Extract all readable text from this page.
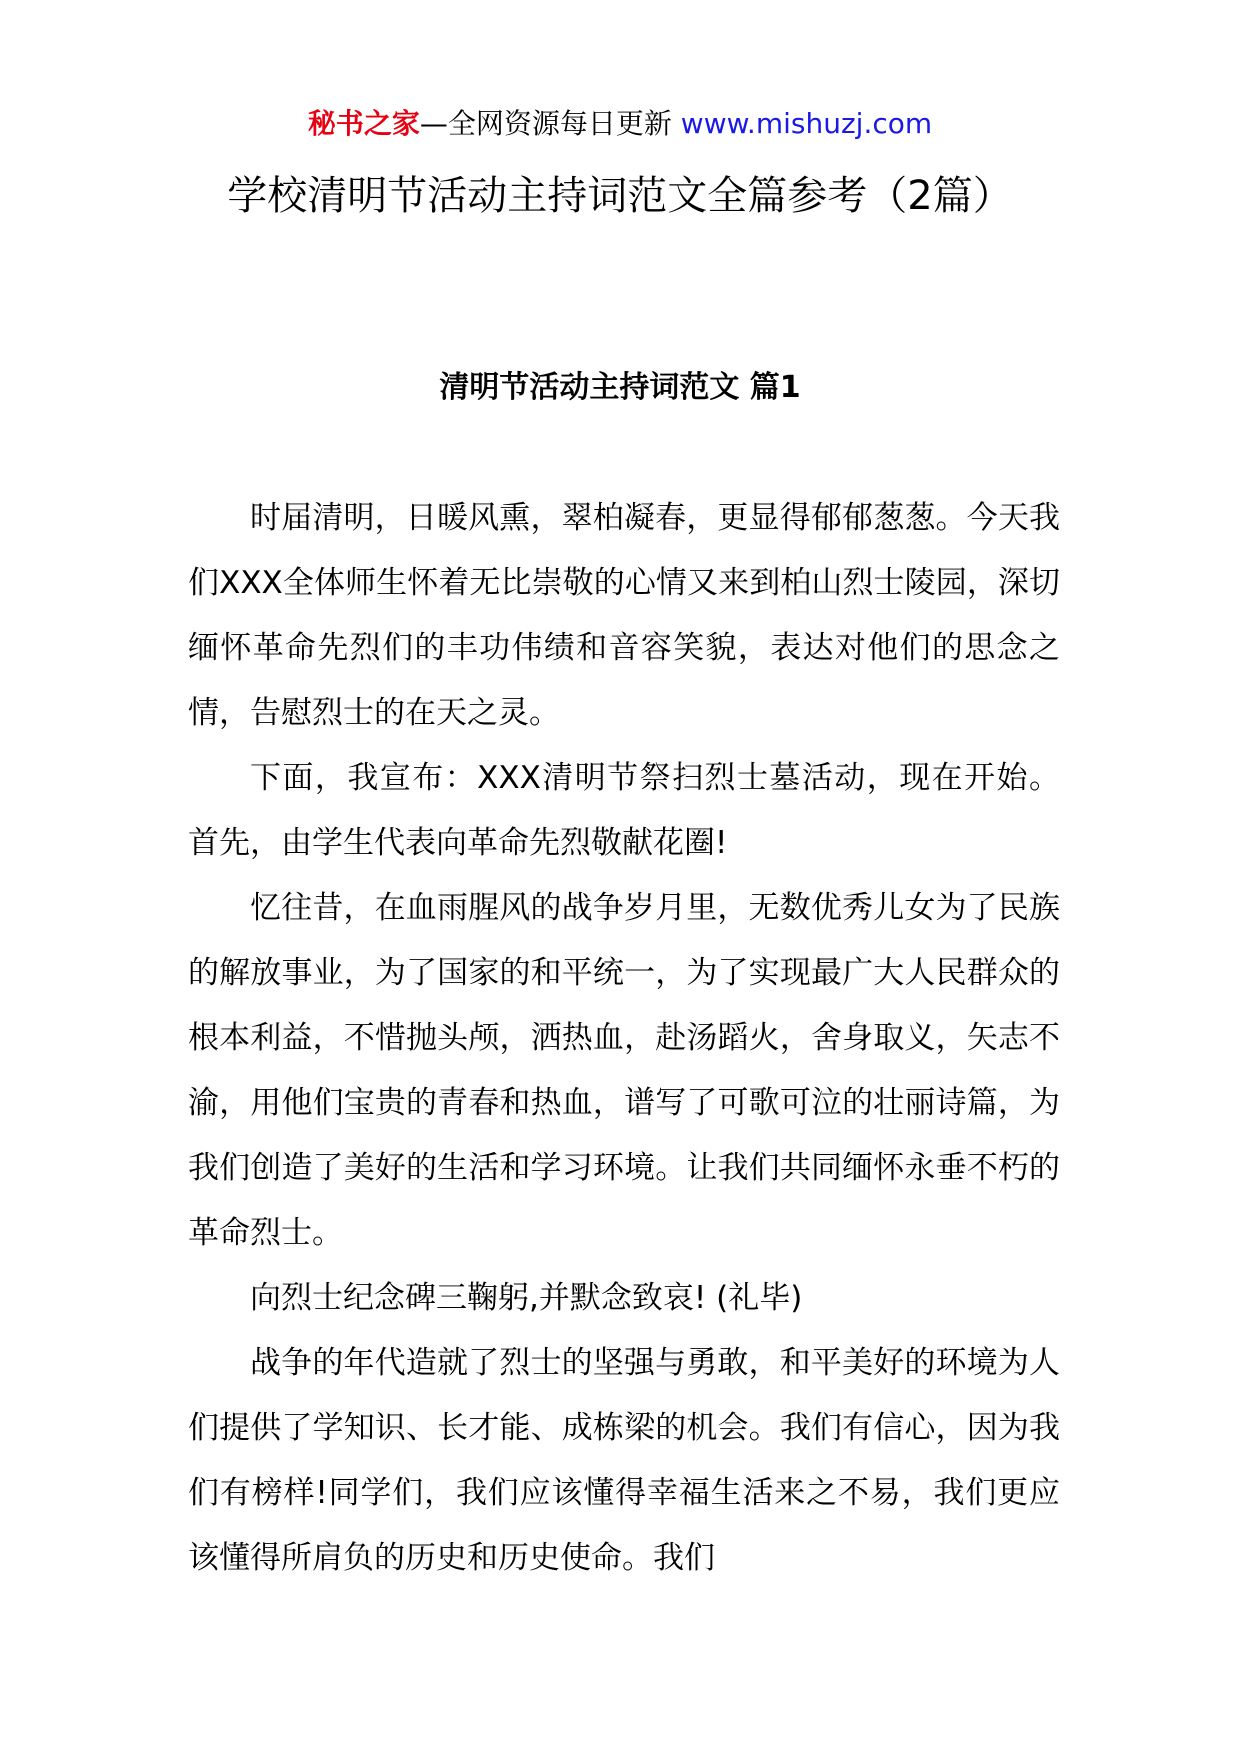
秘书之家—全网资源每日更新 www.mishuzj.com
学校清明节活动主持词范文全篇参考（2篇）
清明节活动主持词范文 篇1

时届清明，日暖风熏，翠柏凝春，更显得郁郁葱葱。今天我们XXX全体师生怀着无比崇敬的心情又来到柏山烈士陵园，深切缅怀革命先烈们的丰功伟绩和音容笑貌，表达对他们的思念之情，告慰烈士的在天之灵。

下面，我宣布：XXX清明节祭扫烈士墓活动，现在开始。 首先，由学生代表向革命先烈敬献花圈!

忆往昔，在血雨腥风的战争岁月里，无数优秀儿女为了民族的解放事业，为了国家的和平统一，为了实现最广大人民群众的根本利益，不惜抛头颅，洒热血，赴汤蹈火，舍身取义，矢志不渝，用他们宝贵的青春和热血，谱写了可歌可泣的壮丽诗篇，为我们创造了美好的生活和学习环境。让我们共同缅怀永垂不朽的革命烈士。

向烈士纪念碑三鞠躬,并默念致哀! (礼毕)

战争的年代造就了烈士的坚强与勇敢，和平美好的环境为人们提供了学知识、长才能、成栋梁的机会。我们有信心，因为我们有榜样!同学们，我们应该懂得幸福生活来之不易，我们更应该懂得所肩负的历史和历史使命。我们
